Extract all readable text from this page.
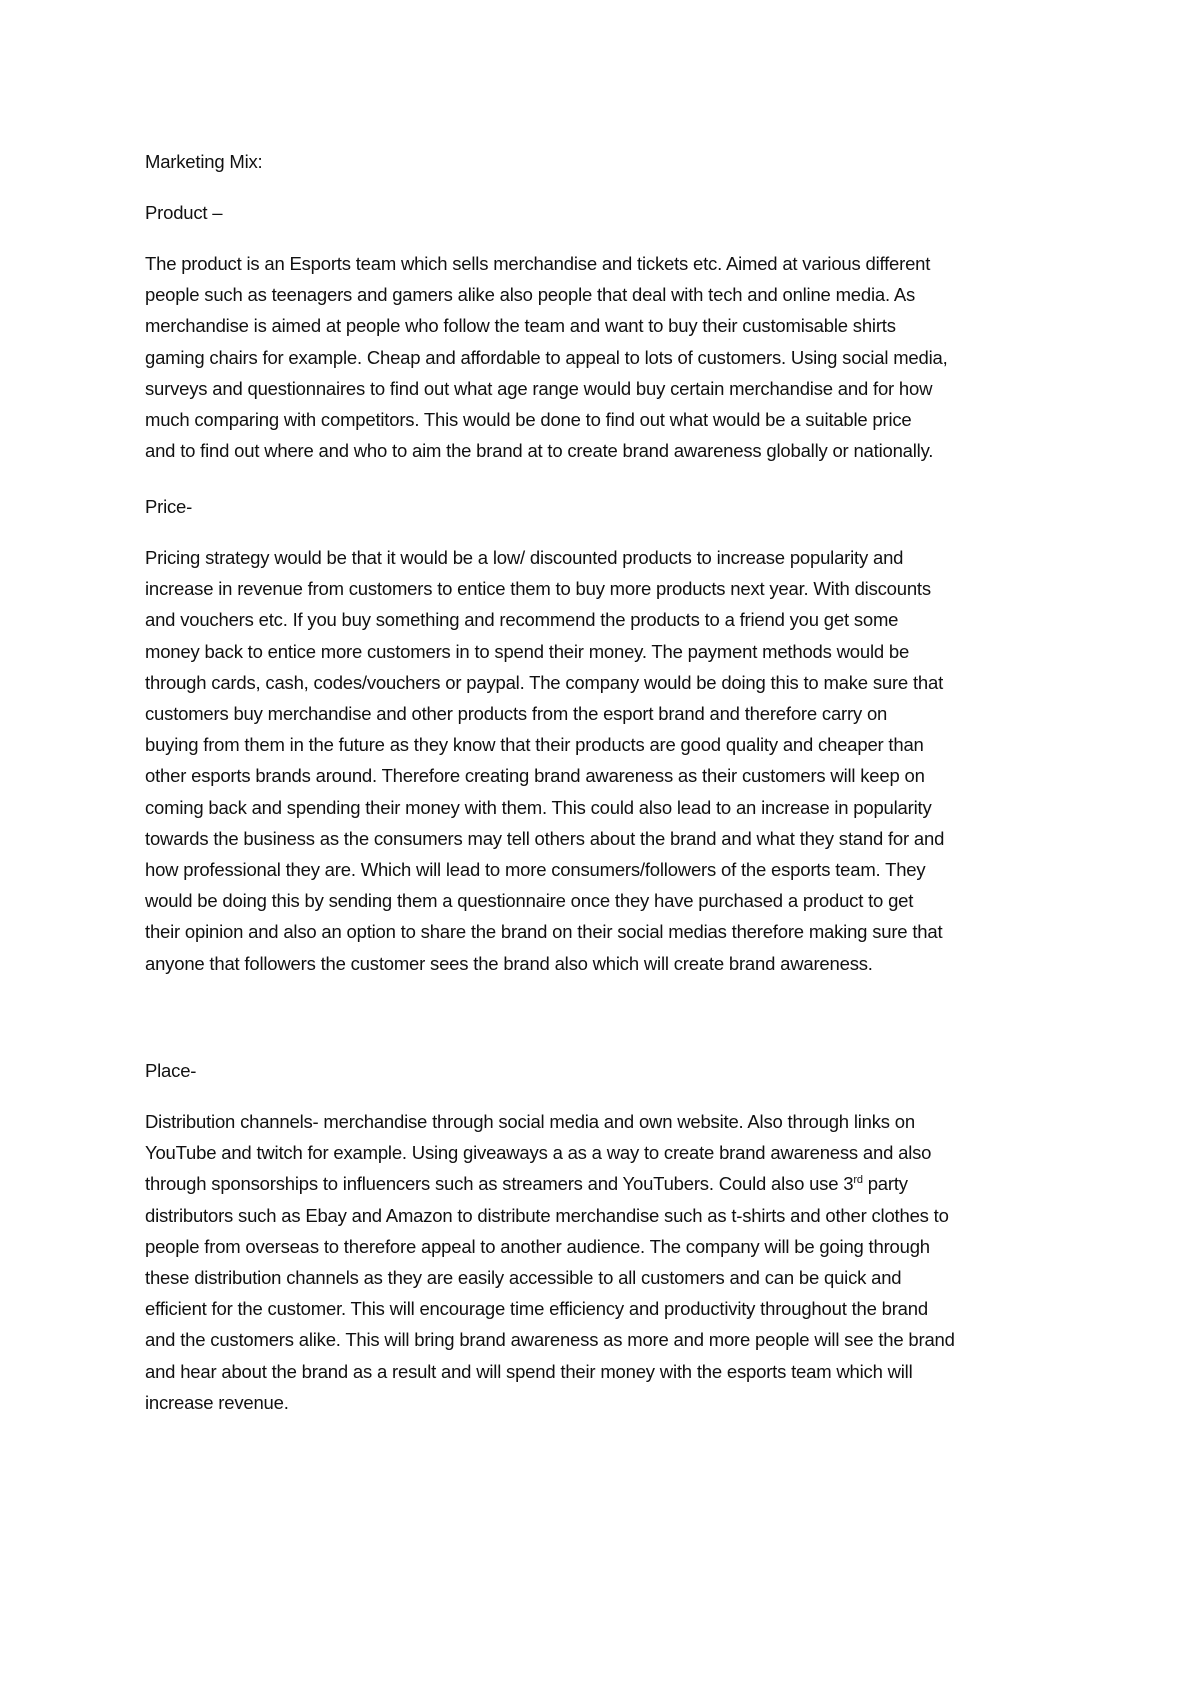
Marketing Mix:
Product –
The product is an Esports team which sells merchandise and tickets etc. Aimed at various different
people such as teenagers and gamers alike also people that deal with tech and online media. As
merchandise is aimed at people who follow the team and want to buy their customisable shirts
gaming chairs for example. Cheap and affordable to appeal to lots of customers. Using social media,
surveys and questionnaires to find out what age range would buy certain merchandise and for how
much comparing with competitors. This would be done to find out what would be a suitable price
and to find out where and who to aim the brand at to create brand awareness globally or nationally.
Price-
Pricing strategy would be that it would be a low/ discounted products to increase popularity and
increase in revenue from customers to entice them to buy more products next year. With discounts
and vouchers etc. If you buy something and recommend the products to a friend you get some
money back to entice more customers in to spend their money. The payment methods would be
through cards, cash, codes/vouchers or paypal. The company would be doing this to make sure that
customers buy merchandise and other products from the esport brand and therefore carry on
buying from them in the future as they know that their products are good quality and cheaper than
other esports brands around. Therefore creating brand awareness as their customers will keep on
coming back and spending their money with them. This could also lead to an increase in popularity
towards the business as the consumers may tell others about the brand and what they stand for and
how professional they are. Which will lead to more consumers/followers of the esports team. They
would be doing this by sending them a questionnaire once they have purchased a product to get
their opinion and also an option to share the brand on their social medias therefore making sure that
anyone that followers the customer sees the brand also which will create brand awareness.
Place-
Distribution channels- merchandise through social media and own website. Also through links on
YouTube and twitch for example. Using giveaways a as a way to create brand awareness and also
through sponsorships to influencers such as streamers and YouTubers. Could also use 3rd party
distributors such as Ebay and Amazon to distribute merchandise such as t-shirts and other clothes to
people from overseas to therefore appeal to another audience. The company will be going through
these distribution channels as they are easily accessible to all customers and can be quick and
efficient for the customer. This will encourage time efficiency and productivity throughout the brand
and the customers alike. This will bring brand awareness as more and more people will see the brand
and hear about the brand as a result and will spend their money with the esports team which will
increase revenue.
